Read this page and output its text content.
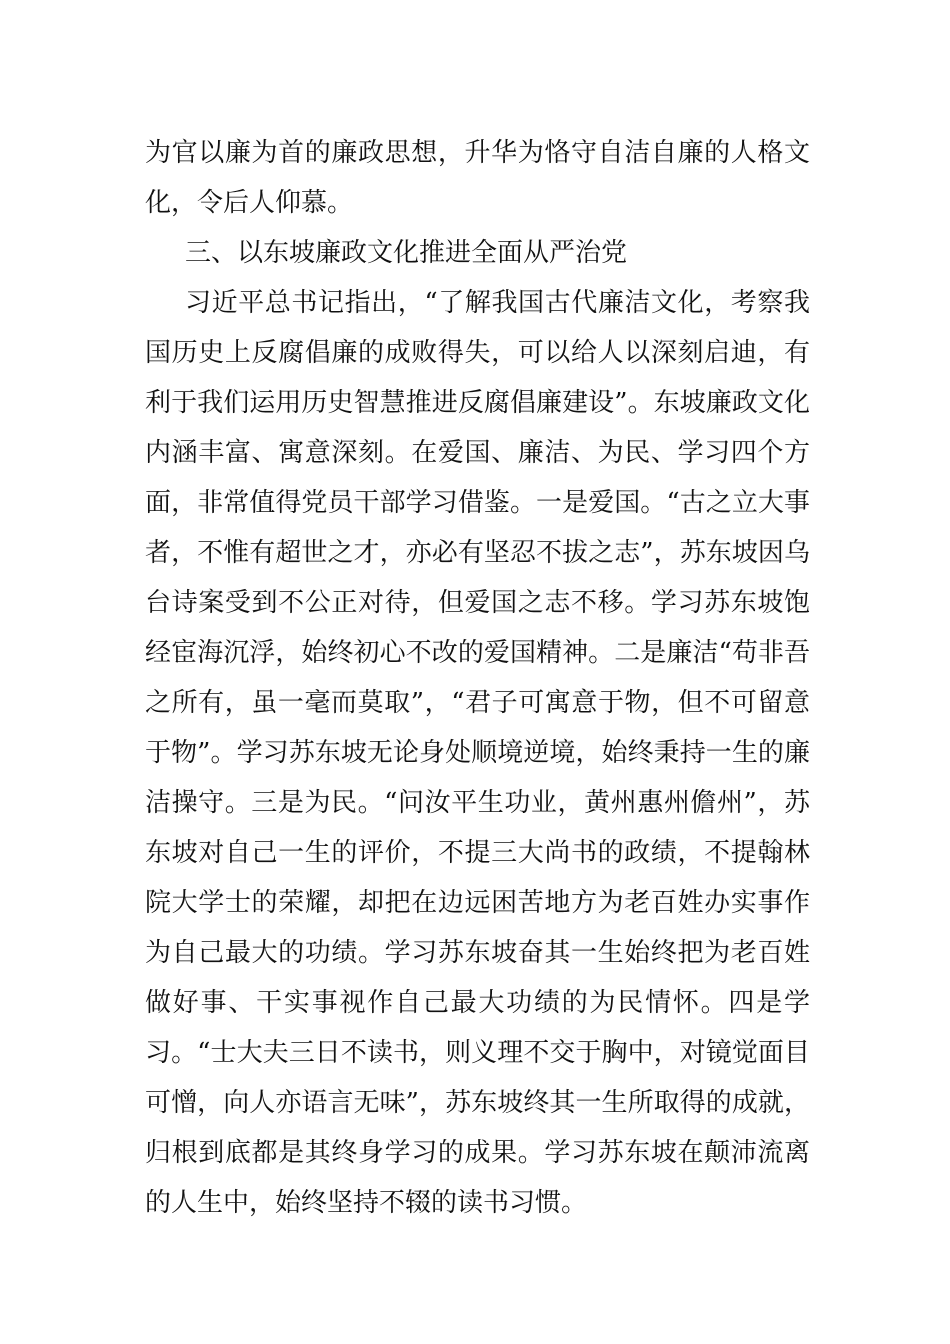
为官以廉为首的廉政思想，升华为恪守自洁自廉的人格文化，令后人仰慕。

三、以东坡廉政文化推进全面从严治党

习近平总书记指出，“了解我国古代廉洁文化，考察我国历史上反腐倡廉的成败得失，可以给人以深刻启迪，有利于我们运用历史智慧推进反腐倡廉建设”。东坡廉政文化内涵丰富、寓意深刻。在爱国、廉洁、为民、学习四个方面，非常值得党员干部学习借鉴。一是爱国。“古之立大事者，不惟有超世之才，亦必有坚忍不拔之志”，苏东坡因乌台诗案受到不公正对待，但爱国之志不移。学习苏东坡饱经宦海沉浮，始终初心不改的爱国精神。二是廉洁“苟非吾之所有，虽一毫而莫取”，“君子可寓意于物，但不可留意于物”。学习苏东坡无论身处顺境逆境，始终秉持一生的廉洁操守。三是为民。“问汝平生功业，黄州惠州儋州”，苏东坡对自己一生的评价，不提三大尚书的政绩，不提翰林院大学士的荣耀，却把在边远困苦地方为老百姓办实事作为自己最大的功绩。学习苏东坡奋其一生始终把为老百姓做好事、干实事视作自己最大功绩的为民情怀。四是学习。“士大夫三日不读书，则义理不交于胸中，对镜觉面目可憎，向人亦语言无味”，苏东坡终其一生所取得的成就，归根到底都是其终身学习的成果。学习苏东坡在颠沛流离的人生中，始终坚持不辍的读书习惯。
